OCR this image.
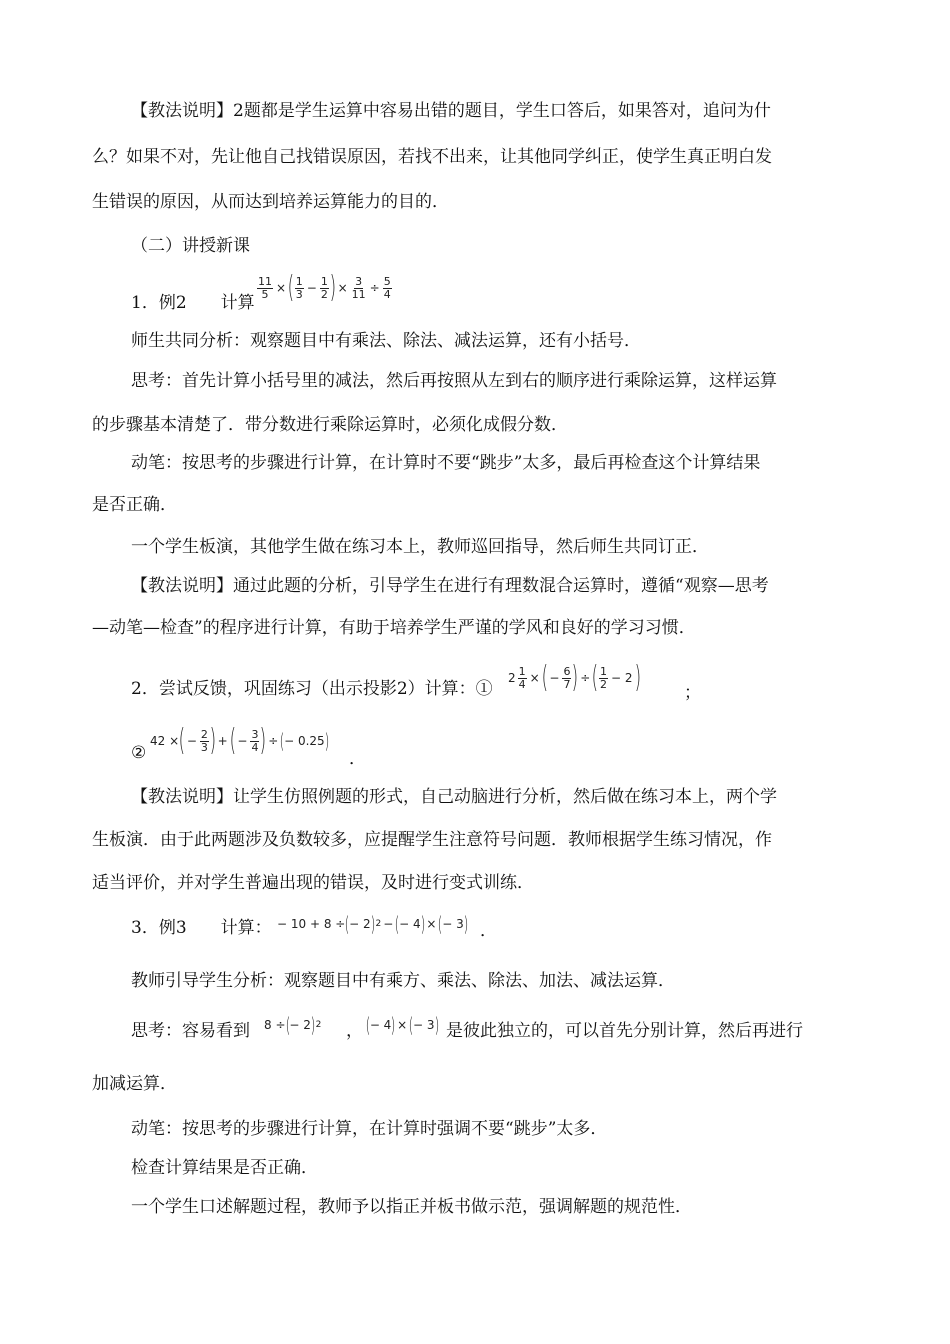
【教法说明】2题都是学生运算中容易出错的题目，学生口答后，如果答对，追问为什
么？如果不对，先让他自己找错误原因，若找不出来，让其他同学纠正，使学生真正明白发
生错误的原因，从而达到培养运算能力的目的．
（二）讲授新课
1．例2　　计算
$\frac{11}{5}$ × ( $\frac{1}{3} - \frac{1}{2}$ ) × $\frac{3}{11} \div \frac{5}{4}$
师生共同分析：观察题目中有乘法、除法、减法运算，还有小括号．
思考：首先计算小括号里的减法，然后再按照从左到右的顺序进行乘除运算，这样运算
的步骤基本清楚了．带分数进行乘除运算时，必须化成假分数．
动笔：按思考的步骤进行计算，在计算时不要“跳步”太多，最后再检查这个计算结果
是否正确．
一个学生板演，其他学生做在练习本上，教师巡回指导，然后师生共同订正．
【教法说明】通过此题的分析，引导学生在进行有理数混合运算时，遵循“观察—思考
—动笔—检查”的程序进行计算，有助于培养学生严谨的学风和良好的学习习惯．
2．尝试反馈，巩固练习（出示投影2）计算：①
$2 \frac{1}{4}$ × ( − $\frac{6}{7}$ ) ÷ ( $\frac{1}{2} - 2$ )	；
②
42 × ( − $\frac{2}{3}$ ) + ( − $\frac{3}{4}$ ) ÷ ( − 0.25 )
．
【教法说明】让学生仿照例题的形式，自己动脑进行分析，然后做在练习本上，两个学
生板演．由于此两题涉及负数较多，应提醒学生注意符号问题．教师根据学生练习情况，作
适当评价，并对学生普遍出现的错误，及时进行变式训练．
3．例3　　计算： − 10 + 8 ÷ ( − 2 ) 2 − ( − 4 ) × ( − 3 ) ．
教师引导学生分析：观察题目中有乘方、乘法、除法、加法、减法运算．
思考：容易看到 8 ÷ ( − 2 ) 2 ， ( − 4 ) × ( − 3 ) 是彼此独立的，可以首先分别计算，然后再进行
加减运算．
动笔：按思考的步骤进行计算，在计算时强调不要“跳步”太多．
检查计算结果是否正确．
一个学生口述解题过程，教师予以指正并板书做示范，强调解题的规范性．
